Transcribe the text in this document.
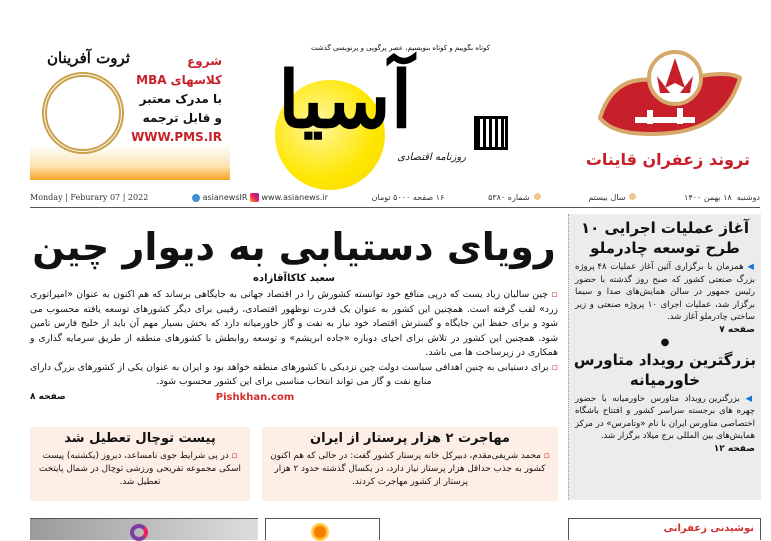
تروند زعفران قاینات
کوتاه بگوییم و کوتاه بنویسیم، عصر پرگویی و پرنویسی گذشت
آسیا
روزنامه اقتصادی
ثروت آفرینان	شروع
کلاسهای MBA
با مدرک معتبر
و قابل ترجمه
WWW.PMS.IR
دوشنبه  ۱۸ بهمن ۱۴۰۰
سال بیستم
شماره ۵۳۸۰
۱۶ صفحه ۵۰۰۰ تومان
asianewsIR www.asianews.ir
Monday | Feburary 07 | 2022
آغاز عملیات اجرایی ۱۰ طرح توسعه چادرملو
◀ همزمان با برگزاری آئین آغاز عملیات ۴۸ پروژه بزرگ صنعتی کشور که صبح روز گذشته با حضور رئیس جمهور در سالن همایش‌های صدا و سیما برگزار شد، عملیات اجرای ۱۰ پروژه صنعتی و زیر ساختی چادرملو آغاز شد.
صفحه ۷
●
بزرگترین رویداد متاورس خاورمیانه
◀ بزرگترین رویداد متاورس خاورمیانه با حضور چهره های برجسته سراسر کشور و افتتاح باشگاه اختصاصی متاورس ایران با نام «وتامرس» در مرکز همایش‌های بین المللی برج میلاد برگزار شد.
صفحه ۱۲
رویای دستیابی به دیوار چین
سعید کاکاآقازاده

▫ چین سالیان زیاد یست که درپی منافع خود توانسته کشورش را در اقتصاد جهانی به جایگاهی برساند که هم اکنون به عنوان «امپراتوری زرد» لقب گرفته است. همچنین این کشور به عنوان یک قدرت نوظهور اقتصادی، رقیبی برای دیگر کشورهای توسعه یافته محسوب می شود و برای حفظ این جایگاه و گسترش اقتصاد خود نیاز به نفت و گاز خاورمیانه دارد که بخش بسیار مهم آن باید از خلیج فارس تامین شود. همچنین این کشور در تلاش برای احیای دوباره «جاده ابریشم» و توسعه روابطش با کشورهای منطقه از طریق سرمایه گذاری و همکاری در زیرساخت ها می باشد.

▫ برای دستیابی به چنین اهدافی سیاست دولت چین نزدیکی با کشورهای منطقه خواهد بود و ایران به عنوان یکی از کشورهای بزرگ دارای منابع نفت و گاز می تواند انتخاب مناسبی برای این کشور محسوب شود.

صفحه ۸	Pishkhan.com
مهاجرت ۲ هزار پرستار از ایران
▫ محمد شریفی‌مقدم، دبیرکل خانه پرستار کشور گفت: در حالی که هم اکنون کشور به جذب حداقل هزار پرستار نیاز دارد، در یکسال گذشته حدود ۲ هزار پرستار از کشور مهاجرت کردند.
پیست توچال تعطیل شد
▫ در پی شرایط جوی نامساعد، دیروز (یکشنبه) پیست اسکی مجموعه تفریحی ورزشی توچال در شمال پایتخت تعطیل شد.
نوشیدنی زعفرانی
